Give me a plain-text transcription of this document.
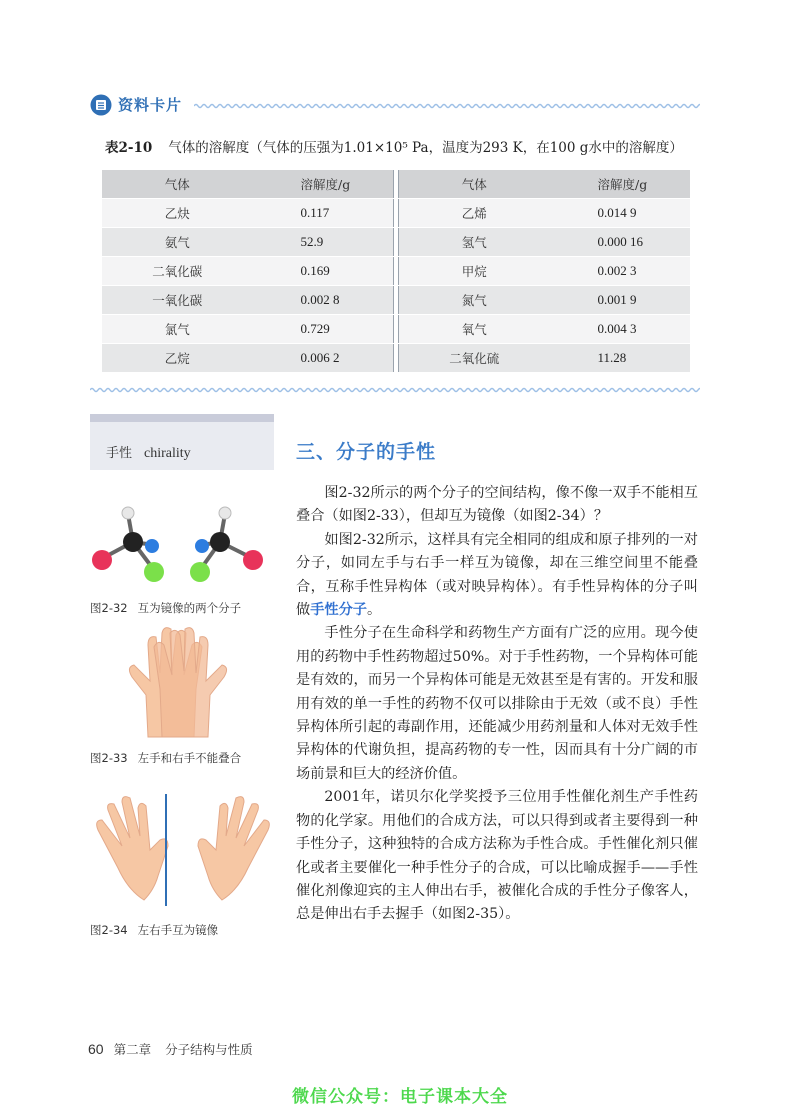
资料卡片
表2-10 气体的溶解度（气体的压强为1.01×10⁵ Pa，温度为293 K，在100 g水中的溶解度）
气体	溶解度/g		气体	溶解度/g
乙炔	0.117		乙烯	0.014 9
氨气	52.9		氢气	0.000 16
二氧化碳	0.169		甲烷	0.002 3
一氧化碳	0.002 8		氮气	0.001 9
氯气	0.729		氧气	0.004 3
乙烷	0.006 2		二氧化硫	11.28
手性 chirality
图2-32 互为镜像的两个分子
图2-33 左手和右手不能叠合
图2-34 左右手互为镜像
三、分子的手性

图2-32所示的两个分子的空间结构，像不像一双手不能相互叠合（如图2-33），但却互为镜像（如图2-34）？

如图2-32所示，这样具有完全相同的组成和原子排列的一对分子，如同左手与右手一样互为镜像，却在三维空间里不能叠合，互称手性异构体（或对映异构体）。有手性异构体的分子叫做手性分子。

手性分子在生命科学和药物生产方面有广泛的应用。现今使用的药物中手性药物超过50%。对于手性药物，一个异构体可能是有效的，而另一个异构体可能是无效甚至是有害的。开发和服用有效的单一手性的药物不仅可以排除由于无效（或不良）手性异构体所引起的毒副作用，还能减少用药剂量和人体对无效手性异构体的代谢负担，提高药物的专一性，因而具有十分广阔的市场前景和巨大的经济价值。

2001年，诺贝尔化学奖授予三位用手性催化剂生产手性药物的化学家。用他们的合成方法，可以只得到或者主要得到一种手性分子，这种独特的合成方法称为手性合成。手性催化剂只催化或者主要催化一种手性分子的合成，可以比喻成握手——手性催化剂像迎宾的主人伸出右手，被催化合成的手性分子像客人，总是伸出右手去握手（如图2-35）。

60 第二章 分子结构与性质
微信公众号：电子课本大全
